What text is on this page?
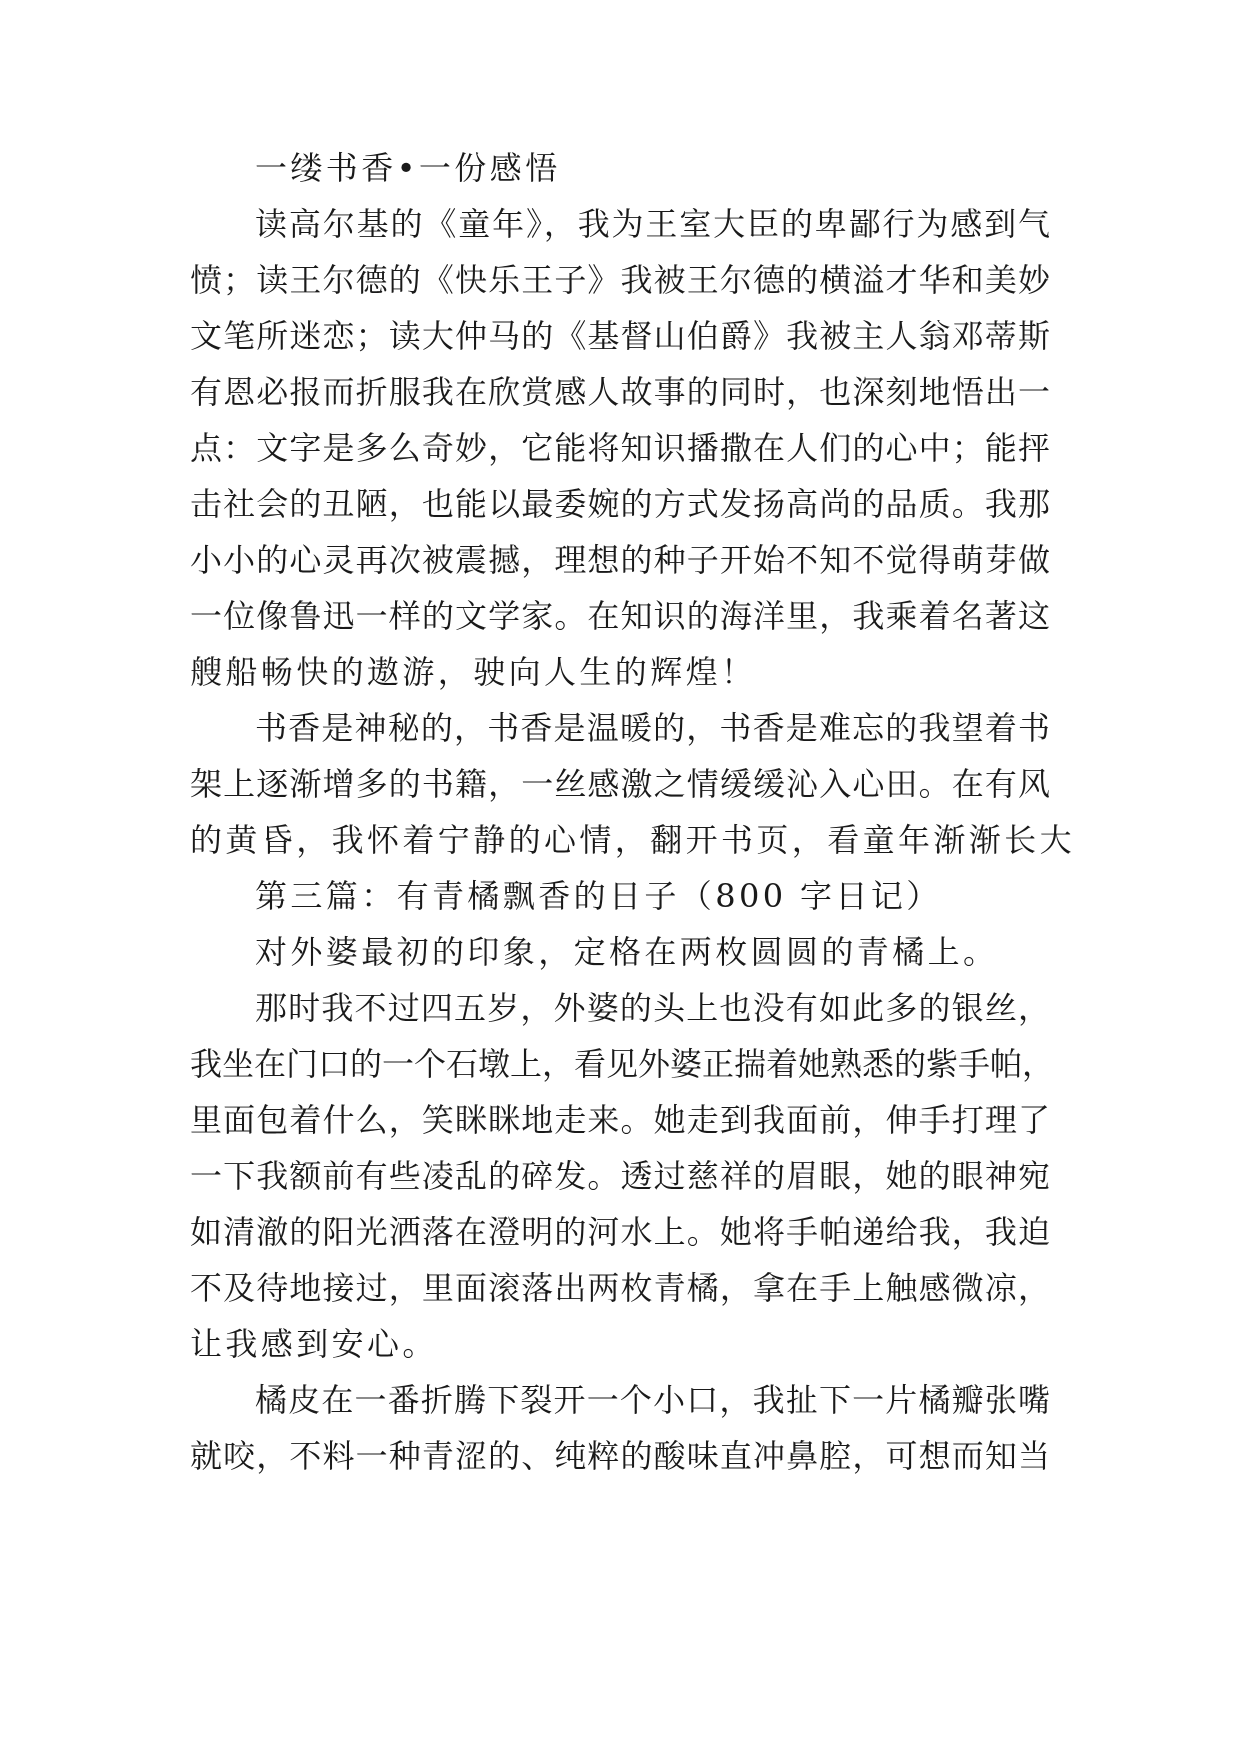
一缕书香•一份感悟
读高尔基的《童年》，我为王室大臣的卑鄙行为感到气
愤；读王尔德的《快乐王子》我被王尔德的横溢才华和美妙
文笔所迷恋；读大仲马的《基督山伯爵》我被主人翁邓蒂斯
有恩必报而折服我在欣赏感人故事的同时，也深刻地悟出一
点：文字是多么奇妙，它能将知识播撒在人们的心中；能抨
击社会的丑陋，也能以最委婉的方式发扬高尚的品质。我那
小小的心灵再次被震撼，理想的种子开始不知不觉得萌芽做
一位像鲁迅一样的文学家。在知识的海洋里，我乘着名著这
艘船畅快的遨游，驶向人生的辉煌！
书香是神秘的，书香是温暖的，书香是难忘的我望着书
架上逐渐增多的书籍，一丝感激之情缓缓沁入心田。在有风
的黄昏，我怀着宁静的心情，翻开书页，看童年渐渐长大
第三篇：有青橘飘香的日子（800 字日记）
对外婆最初的印象，定格在两枚圆圆的青橘上。
那时我不过四五岁，外婆的头上也没有如此多的银丝，
我坐在门口的一个石墩上，看见外婆正揣着她熟悉的紫手帕，
里面包着什么，笑眯眯地走来。她走到我面前，伸手打理了
一下我额前有些凌乱的碎发。透过慈祥的眉眼，她的眼神宛
如清澈的阳光洒落在澄明的河水上。她将手帕递给我，我迫
不及待地接过，里面滚落出两枚青橘，拿在手上触感微凉，
让我感到安心。
橘皮在一番折腾下裂开一个小口，我扯下一片橘瓣张嘴
就咬，不料一种青涩的、纯粹的酸味直冲鼻腔，可想而知当
